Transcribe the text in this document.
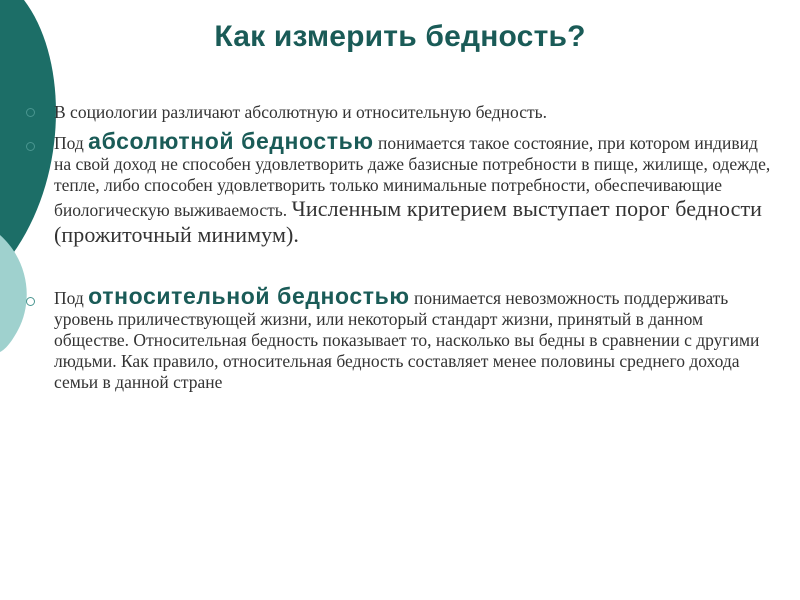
Как измерить бедность?
В социологии различают абсолютную и относительную бедность.
Под абсолютной бедностью понимается такое состояние, при котором индивид на свой доход не способен удовлетворить даже базисные потребности в пище, жилище, одежде, тепле, либо способен удовлетворить только минимальные потребности, обеспечивающие биологическую выживаемость. Численным критерием выступает порог бедности (прожиточный минимум).
Под относительной бедностью понимается невозможность поддерживать уровень приличествующей жизни, или некоторый стандарт жизни, принятый в данном обществе. Относительная бедность показывает то, насколько вы бедны в сравнении с другими людьми. Как правило, относительная бедность составляет менее половины среднего дохода семьи в данной стране
